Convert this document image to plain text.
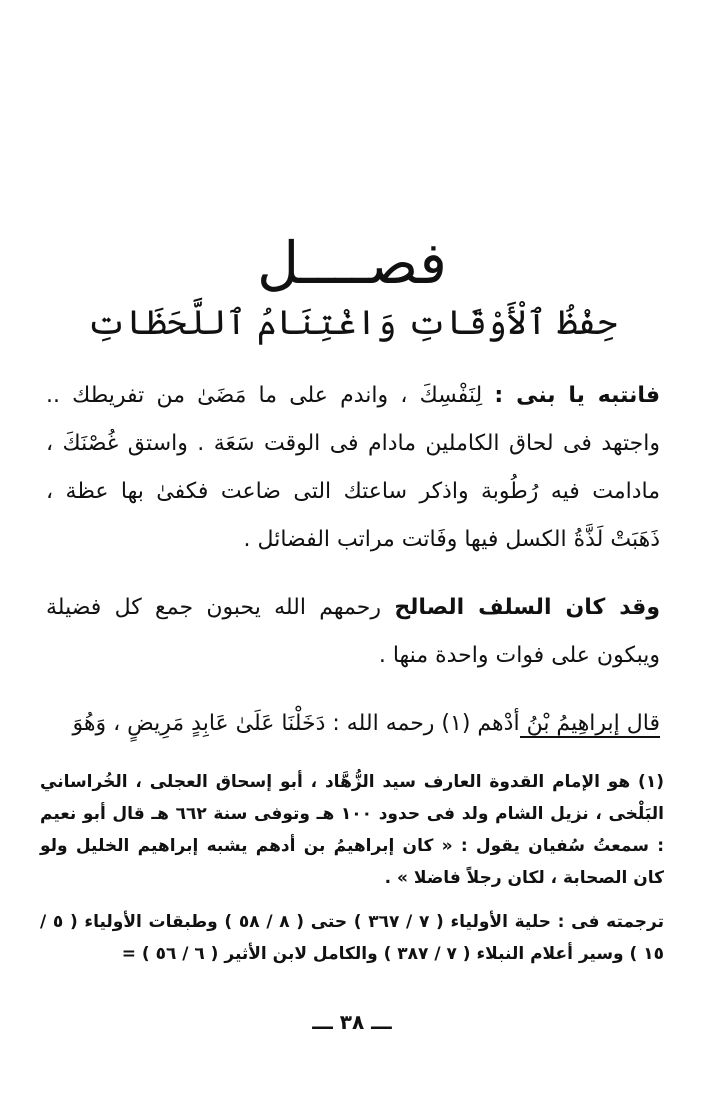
فصــــل
حِفْظُ ٱلْأَوْقَاتِ وَاغْتِنَامُ ٱللَّحَظَاتِ

فانتبه يا بنى : لِنَفْسِكَ ، واندم على ما مَضَىٰ من تفريطك .. واجتهد فى لحاق الكاملين مادام فى الوقت سَعَة . واستق غُصْنَكَ ، مادامت فيه رُطُوبة واذكر ساعتك التى ضاعت فكفىٰ بها عظة ، ذَهَبَتْ لَذَّةُ الكسل فيها وفَاتت مراتب الفضائل .

وقد كان السلف الصالح رحمهم الله يحبون جمع كل فضيلة ويبكون على فوات واحدة منها .

قال إبراهِيمُ بْنُ أدْهم (١) رحمه الله : دَخَلْنَا عَلَىٰ عَابِدٍ مَرِيضٍ ، وَهُوَ

(١) هو الإمام القدوة العارف سيد الزُّهَّاد ، أبو إسحاق العجلى ، الخُراساني البَلْخى ، نزيل الشام ولد فى حدود ١٠٠ هـ وتوفى سنة ٦٦٢ هـ قال أبو نعيم : سمعتُ سُفيان يقول : « كان إبراهيمُ بن أدهم يشبه إبراهيم الخليل ولو كان الصحابة ، لكان رجلاً فاضلا » .

ترجمته فى : حلية الأولياء ( ٧ / ٣٦٧ ) حتى ( ٨ / ٥٨ ) وطبقات الأولياء ( ٥ / ١٥ ) وسير أعلام النبلاء ( ٧ / ٣٨٧ ) والكامل لابن الأثير ( ٦ / ٥٦ ) =

ـــ ٣٨ ـــ
